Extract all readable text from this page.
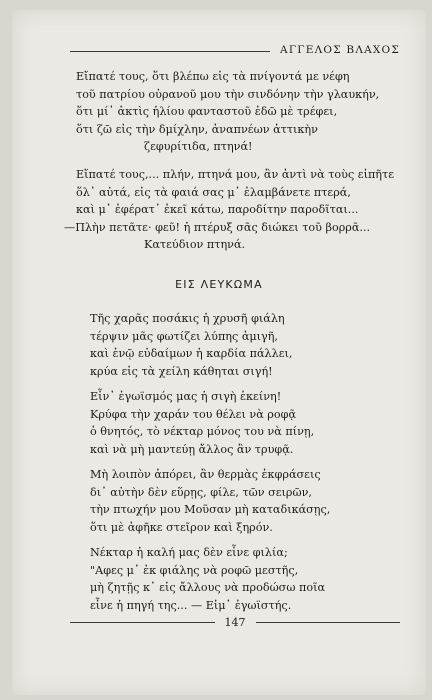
ΑΓΓΕΛΟΣ ΒΛΑΧΟΣ
Εἴπατέ τους, ὅτι βλέπω εἰς τὰ πνίγοντά με νέφη
τοῦ πατρίου οὐρανοῦ μου τὴν σινδόνην τὴν γλαυκήν,
ὅτι μί᾿ ἀκτὶς ἡλίου φανταστοῦ ἐδῶ μὲ τρέφει,
ὅτι ζῶ εἰς τὴν δμίχλην, ἀναπνέων ἀττικὴν
ζεφυρίτιδα, πτηνά!
Εἴπατέ τους,... πλήν, πτηνά μου, ἂν ἀντὶ νὰ τοὺς εἰπῆτε
ὅλ᾿ αὐτά, εἰς τὰ φαιά σας μ᾿ ἐλαμβάνετε πτερά,
καὶ μ᾿ ἐφέρατ᾿ ἐκεῖ κάτω, παροδίτην παροδῖται...
—Πλὴν πετᾶτε· φεῦ! ἡ πτέρυξ σᾶς διώκει τοῦ βορρᾶ...
Κατεύδιον πτηνά.
ΕΙΣ ΛΕΥΚΩΜΑ
Τῆς χαρᾶς ποσάκις ἡ χρυσῆ φιάλη
τέρψιν μᾶς φωτίζει λύπης ἀμιγῆ,
καὶ ἐνῷ εὐδαίμων ἡ καρδία πάλλει,
κρύα εἰς τὰ χείλη κάθηται σιγή!
Εἶν᾿ ἐγωϊσμός μας ἡ σιγὴ ἐκείνη!
Κρύφα τὴν χαράν του θέλει νὰ ροφᾷ
ὁ θνητός, τὸ νέκταρ μόνος του νὰ πίνῃ,
καὶ νὰ μὴ μαντεύῃ ἄλλος ἂν τρυφᾷ.
Μὴ λοιπὸν ἀπόρει, ἂν θερμὰς ἐκφράσεις
δι᾿ αὐτὴν δὲν εὕρῃς, φίλε, τῶν σειρῶν,
τὴν πτωχήν μου Μοῦσαν μὴ καταδικάσῃς,
ὅτι μὲ ἀφῆκε στεῖρον καὶ ξηρόν.
Νέκταρ ἡ καλή μας δὲν εἶνε φιλία;
"Αφες μ᾿ ἐκ φιάλης νὰ ροφῶ μεστῆς,
μὴ ζητῇς κ᾿ εἰς ἄλλους νὰ προδώσω ποῖα
εἶνε ἡ πηγή της... — Εἰμ᾿ ἐγωϊστής.
147
